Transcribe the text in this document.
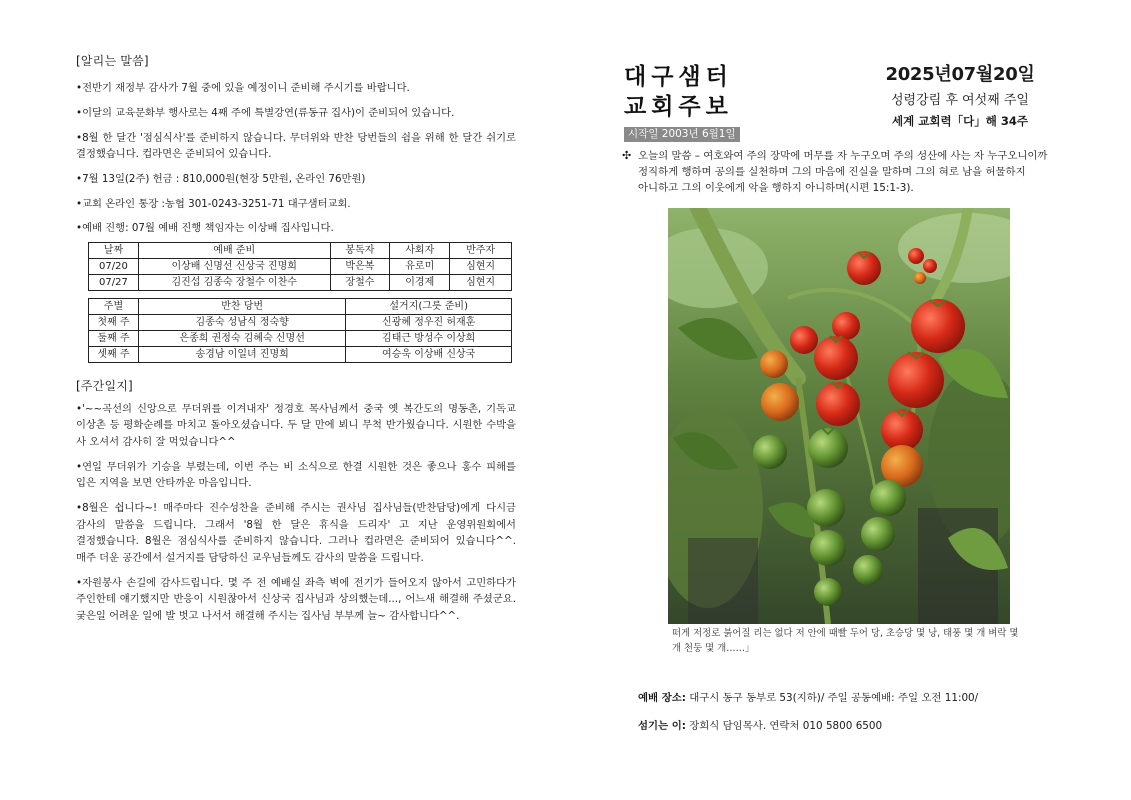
[알리는 말씀]

•전반기 재정부 감사가 7월 중에 있을 예정이니 준비해 주시기를 바랍니다.

•이달의 교육문화부 행사로는 4째 주에 특별강연(류동규 집사)이 준비되어 있습니다.

•8월 한 달간 '점심식사'를 준비하지 않습니다. 무더위와 반찬 당번들의 쉼을 위해 한 달간 쉬기로 결정했습니다. 컵라면은 준비되어 있습니다.

•7월 13일(2주) 헌금 : 810,000원(현장 5만원, 온라인 76만원)

•교회 온라인 통장 :농협 301-0243-3251-71 대구샘터교회.

•예배 진행: 07월 예배 진행 책임자는 이상배 집사입니다.

날짜	예배 준비	봉독자	사회자	반주자
07/20	이상배 신명선 신상국 진명희	박은복	유로미	심현지
07/27	김진섭 김종숙 장철수 이찬수	장철수	이경제	심현지
주별	반찬 당번	설거지(그릇 준비)
첫째 주	김종숙 성남식 정숙향	신광혜 정우진 허재훈
둘째 주	은종희 권정숙 김혜숙 신명선	김태근 방성수 이상희
셋째 주	송경남 이일녀 진명희	여승욱 이상배 신상국
[주간일지]

•'~~곡선의 신앙으로 무더위를 이겨내자' 정경호 목사님께서 중국 옛 복간도의 명동촌, 기독교 이상촌 등 평화순례를 마치고 돌아오셨습니다. 두 달 만에 뵈니 무척 반가웠습니다. 시원한 수박을 사 오셔서 감사히 잘 먹었습니다^^

•연일 무더위가 기승을 부렸는데, 이번 주는 비 소식으로 한결 시원한 것은 좋으나 홍수 피해를 입은 지역을 보면 안타까운 마음입니다.

•8월은 쉽니다~! 매주마다 진수성찬을 준비해 주시는 권사님 집사님들(반찬담당)에게 다시금 감사의 말씀을 드립니다. 그래서 '8월 한 달은 휴식을 드리자' 고 지난 운영위원회에서 결정했습니다. 8월은 점심식사를 준비하지 않습니다. 그러나 컵라면은 준비되어 있습니다^^. 매주 더운 공간에서 설거지를 담당하신 교우님들께도 감사의 말씀을 드립니다.

•자원봉사 손길에 감사드립니다. 몇 주 전 예배실 좌측 벽에 전기가 들어오지 않아서 고민하다가 주인한테 얘기했지만 반응이 시원찮아서 신상국 집사님과 상의했는데..., 어느새 해결해 주셨군요. 궂은일 어려운 일에 발 벗고 나서서 해결해 주시는 집사님 부부께 늘~ 감사합니다^^.

대구샘터
교회주보
시작일 2003년 6월1일
2025년07월20일
성령강림 후 여섯째 주일
세계 교회력「다」해 34주
✣ 오늘의 말씀 – 여호와여 주의 장막에 머무를 자 누구오며 주의 성산에 사는 자 누구오니이까 정직하게 행하며 공의를 실천하며 그의 마음에 진실을 말하며 그의 혀로 남을 허물하지 아니하고 그의 이웃에게 악을 행하지 아니하며(시편 15:1-3).
떠게 저정로 붉어질 리는 없다 저 안에 때빨 두어 당, 초승당 몇 낭, 태풍 몇 개 벼락 몇 개 천둥 몇 개……」
예배 장소: 대구시 동구 동부로 53(지하)/ 주일 공동예배: 주일 오전 11:00/
섬기는 이: 장희식 담임목사. 연락처 010 5800 6500
